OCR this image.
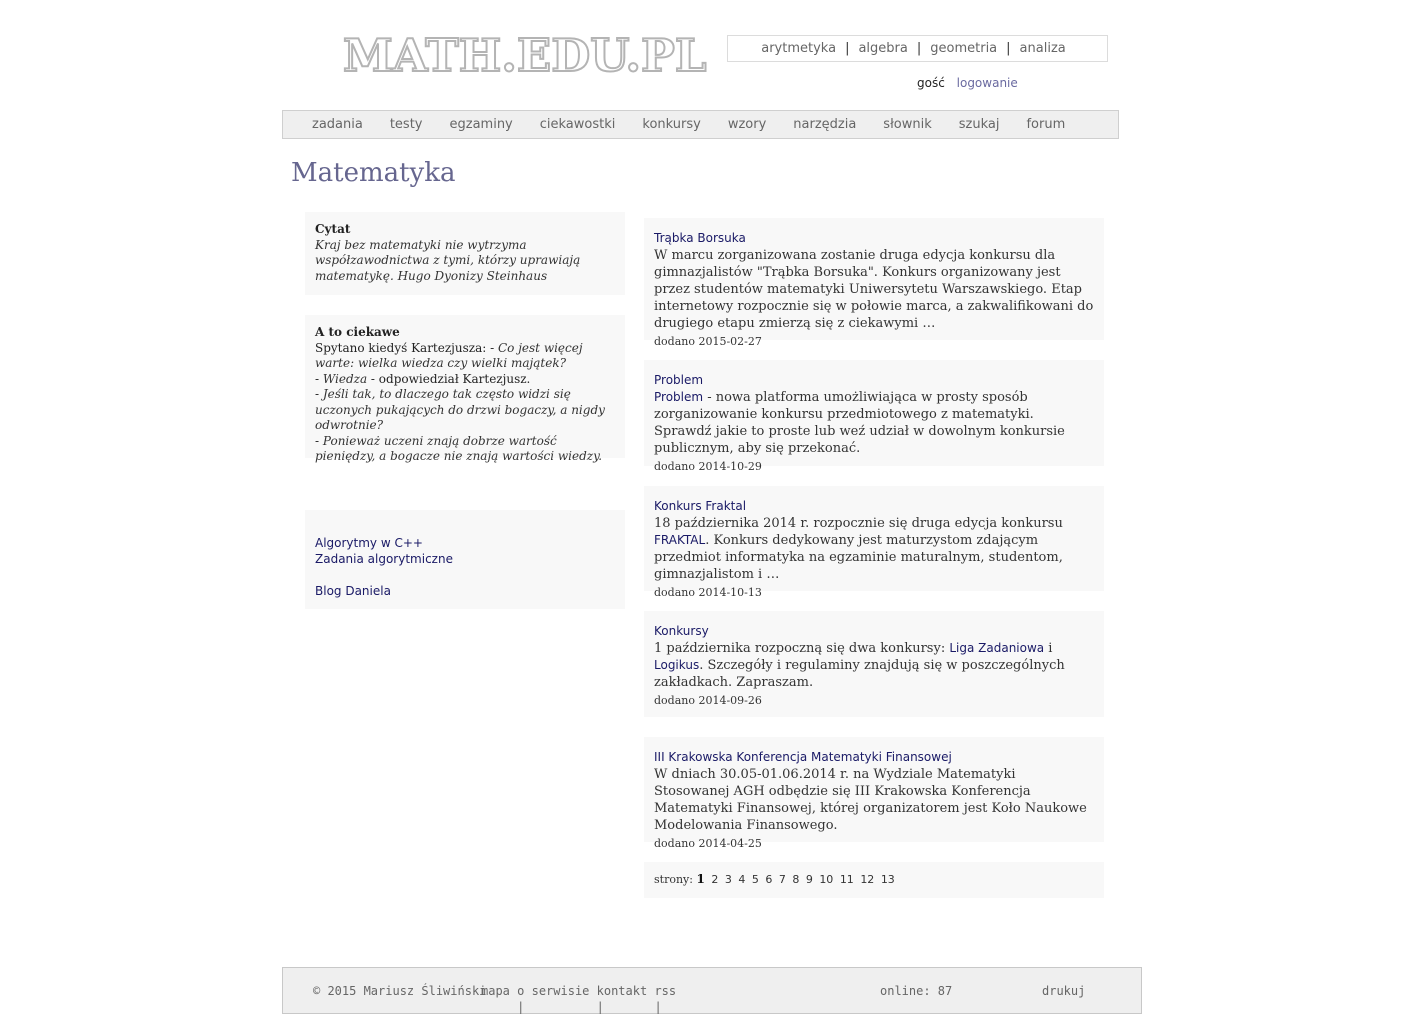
MATH.EDU.PL	arytmetyka | algebra | geometria | analiza
gość logowanie
zadania testy egzaminy ciekawostki konkursy wzory narzędzia słownik szukaj forum
Matematyka
Cytat
Kraj bez matematyki nie wytrzyma współzawodnictwa z tymi, którzy uprawiają matematykę. Hugo Dyonizy Steinhaus
A to ciekawe
Spytano kiedyś Kartezjusza: - Co jest więcej warte: wielka wiedza czy wielki majątek?
- Wiedza - odpowiedział Kartezjusz.
- Jeśli tak, to dlaczego tak często widzi się uczonych pukających do drzwi bogaczy, a nigdy odwrotnie?
- Ponieważ uczeni znają dobrze wartość pieniędzy, a bogacze nie znają wartości wiedzy.
Algorytmy w C++
Zadania algorytmiczne
Blog Daniela
Trąbka Borsuka
W marcu zorganizowana zostanie druga edycja konkursu dla gimnazjalistów "Trąbka Borsuka". Konkurs organizowany jest przez studentów matematyki Uniwersytetu Warszawskiego. Etap internetowy rozpocznie się w połowie marca, a zakwalifikowani do drugiego etapu zmierzą się z ciekawymi …
dodano 2015-02-27
Problem
Problem - nowa platforma umożliwiająca w prosty sposób zorganizowanie konkursu przedmiotowego z matematyki. Sprawdź jakie to proste lub weź udział w dowolnym konkursie publicznym, aby się przekonać.
dodano 2014-10-29
Konkurs Fraktal
18 października 2014 r. rozpocznie się druga edycja konkursu FRAKTAL. Konkurs dedykowany jest maturzystom zdającym przedmiot informatyka na egzaminie maturalnym, studentom, gimnazjalistom i …
dodano 2014-10-13
Konkursy
1 października rozpoczną się dwa konkursy: Liga Zadaniowa i Logikus. Szczegóły i regulaminy znajdują się w poszczególnych zakładkach. Zapraszam.
dodano 2014-09-26
III Krakowska Konferencja Matematyki Finansowej
W dniach 30.05-01.06.2014 r. na Wydziale Matematyki Stosowanej AGH odbędzie się III Krakowska Konferencja Matematyki Finansowej, której organizatorem jest Koło Naukowe Modelowania Finansowego.
dodano 2014-04-25
strony: 1 2 3 4 5 6 7 8 9 10 11 12 13
© 2015 Mariusz Śliwiński
mapa
|
o serwisie
|
kontakt
|
rss	online: 87	drukuj
